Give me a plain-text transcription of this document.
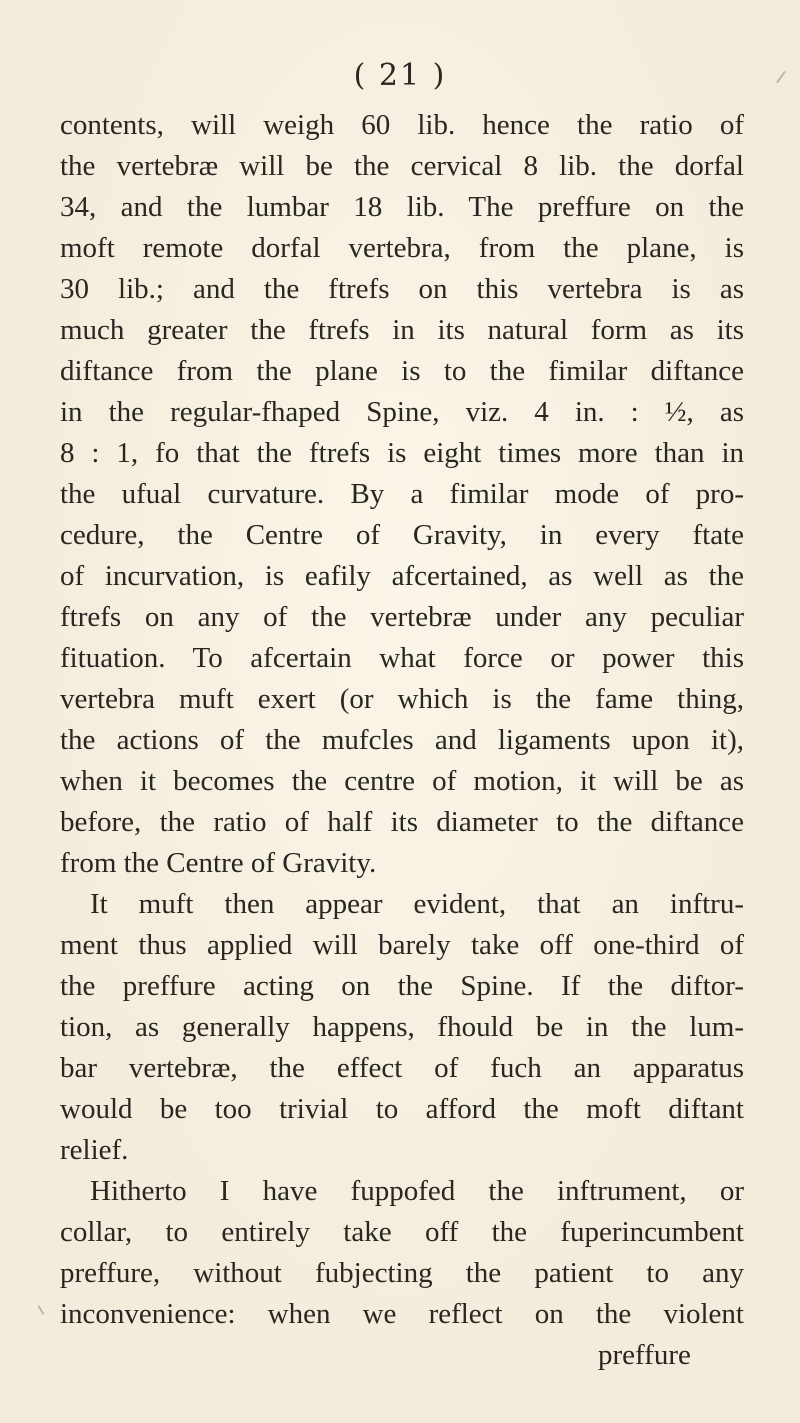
( 21 )
contents, will weigh 60 lib. hence the ratio of
the vertebræ will be the cervical 8 lib. the dorfal
34, and the lumbar 18 lib. The preffure on the
moft remote dorfal vertebra, from the plane, is
30 lib.; and the ftrefs on this vertebra is as
much greater the ftrefs in its natural form as its
diftance from the plane is to the fimilar diftance
in the regular-fhaped Spine, viz. 4 in. : ½, as
8 : 1, fo that the ftrefs is eight times more than in
the ufual curvature. By a fimilar mode of pro-
cedure, the Centre of Gravity, in every ftate
of incurvation, is eafily afcertained, as well as the
ftrefs on any of the vertebræ under any peculiar
fituation. To afcertain what force or power this
vertebra muft exert (or which is the fame thing,
the actions of the mufcles and ligaments upon it),
when it becomes the centre of motion, it will be as
before, the ratio of half its diameter to the diftance
from the Centre of Gravity.
It muft then appear evident, that an inftru-
ment thus applied will barely take off one-third of
the preffure acting on the Spine. If the diftor-
tion, as generally happens, fhould be in the lum-
bar vertebræ, the effect of fuch an apparatus
would be too trivial to afford the moft diftant
relief.
Hitherto I have fuppofed the inftrument, or
collar, to entirely take off the fuperincumbent
preffure, without fubjecting the patient to any
inconvenience: when we reflect on the violent
preffure
